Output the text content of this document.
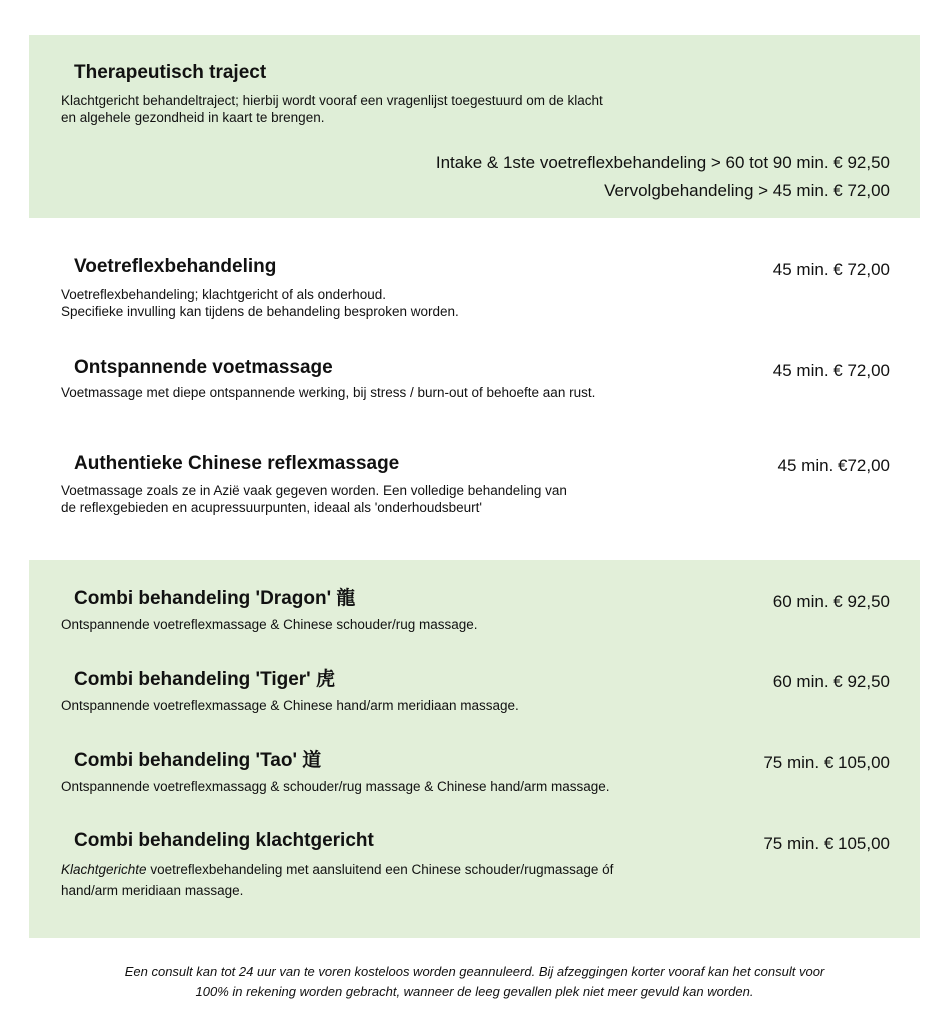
Therapeutisch traject
Klachtgericht behandeltraject; hierbij wordt vooraf een vragenlijst toegestuurd om de klacht
en algehele gezondheid in kaart te brengen.
Intake & 1ste voetreflexbehandeling > 60 tot 90 min. € 92,50
Vervolgbehandeling > 45 min. € 72,00
Voetreflexbehandeling	45 min. € 72,00
Voetreflexbehandeling; klachtgericht of als onderhoud.
Specifieke invulling kan tijdens de behandeling besproken worden.
Ontspannende voetmassage	45 min. € 72,00
Voetmassage met diepe ontspannende werking, bij stress / burn-out of behoefte aan rust.
Authentieke Chinese reflexmassage	45 min. €72,00
Voetmassage zoals ze in Azië vaak gegeven worden. Een volledige behandeling van
de reflexgebieden en acupressuurpunten, ideaal als 'onderhoudsbeurt'
Combi behandeling 'Dragon' 龍	60 min. € 92,50
Ontspannende voetreflexmassage & Chinese schouder/rug massage.
Combi behandeling 'Tiger' 虎	60 min. € 92,50
Ontspannende voetreflexmassage & Chinese hand/arm meridiaan massage.
Combi behandeling 'Tao' 道	75 min. € 105,00
Ontspannende voetreflexmassagg & schouder/rug massage & Chinese hand/arm massage.
Combi behandeling klachtgericht	75 min. € 105,00
Klachtgerichte voetreflexbehandeling met aansluitend een Chinese schouder/rugmassage óf
hand/arm meridiaan massage.
Een consult kan tot 24 uur van te voren kosteloos worden geannuleerd. Bij afzeggingen korter vooraf kan het consult voor
100% in rekening worden gebracht, wanneer de leeg gevallen plek niet meer gevuld kan worden.
